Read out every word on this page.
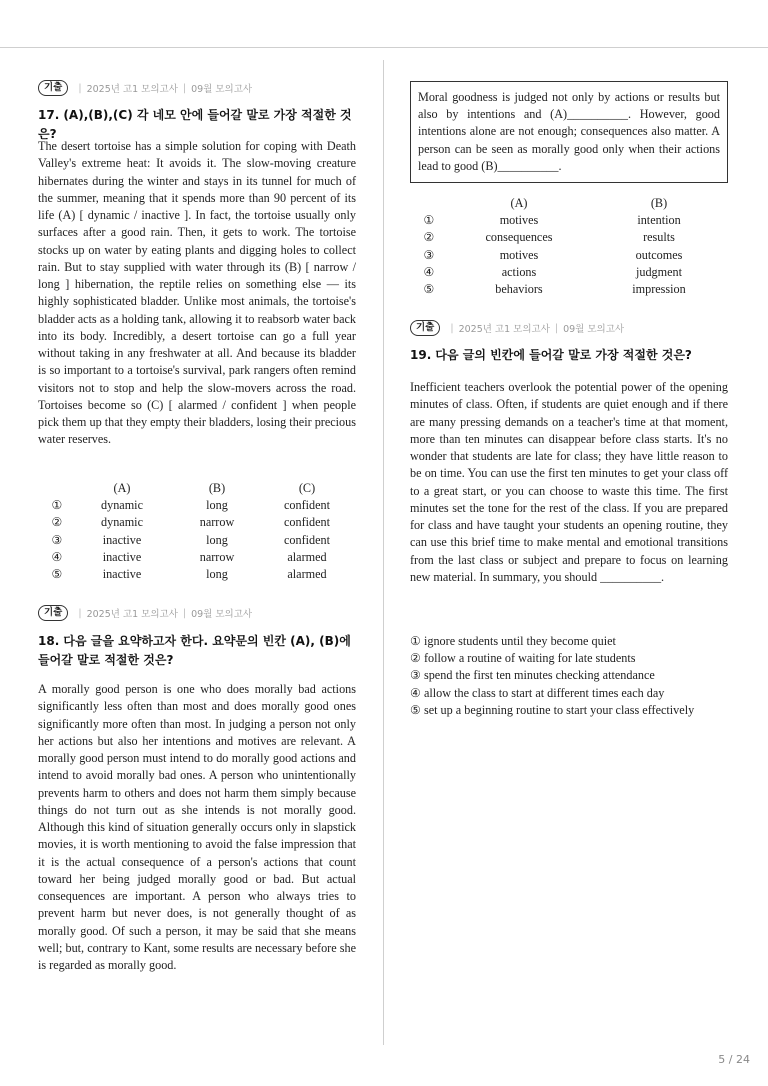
기출	| 2025년 고1 모의고사 | 09월 모의고사
17. (A),(B),(C) 각 네모 안에 들어갈 말로 가장 적절한 것은?
The desert tortoise has a simple solution for coping with Death Valley's extreme heat: It avoids it. The slow-moving creature hibernates during the winter and stays in its tunnel for much of the summer, meaning that it spends more than 90 percent of its life (A) [ dynamic / inactive ]. In fact, the tortoise usually only surfaces after a good rain. Then, it gets to work. The tortoise stocks up on water by eating plants and digging holes to collect rain. But to stay supplied with water through its (B) [ narrow / long ] hibernation, the reptile relies on something else — its highly sophisticated bladder. Unlike most animals, the tortoise's bladder acts as a holding tank, allowing it to reabsorb water back into its body. Incredibly, a desert tortoise can go a full year without taking in any freshwater at all. And because its bladder is so important to a tortoise's survival, park rangers often remind visitors not to stop and help the slow-movers across the road. Tortoises become so (C) [ alarmed / confident ] when people pick them up that they empty their bladders, losing their precious water reserves.
	(A)	(B)	(C)
①	dynamic	long	confident
②	dynamic	narrow	confident
③	inactive	long	confident
④	inactive	narrow	alarmed
⑤	inactive	long	alarmed
기출	| 2025년 고1 모의고사 | 09월 모의고사
18. 다음 글을 요약하고자 한다. 요약문의 빈칸 (A), (B)에 들어갈 말로 적절한 것은?
A morally good person is one who does morally bad actions significantly less often than most and does morally good ones significantly more often than most. In judging a person not only her actions but also her intentions and motives are relevant. A morally good person must intend to do morally good actions and intend to avoid morally bad ones. A person who unintentionally prevents harm to others and does not harm them simply because things do not turn out as she intends is not morally good. Although this kind of situation generally occurs only in slapstick movies, it is worth mentioning to avoid the false impression that it is the actual consequence of a person's actions that count toward her being judged morally good or bad. But actual consequences are important. A person who always tries to prevent harm but never does, is not generally thought of as morally good. Of such a person, it may be said that she means well; but, contrary to Kant, some results are necessary before she is regarded as morally good.
Moral goodness is judged not only by actions or results but also by intentions and (A)__________. However, good intentions alone are not enough; consequences also matter. A person can be seen as morally good only when their actions lead to good (B)__________.
	(A)	(B)
①	motives	intention
②	consequences	results
③	motives	outcomes
④	actions	judgment
⑤	behaviors	impression
기출	| 2025년 고1 모의고사 | 09월 모의고사
19. 다음 글의 빈칸에 들어갈 말로 가장 적절한 것은?
Inefficient teachers overlook the potential power of the opening minutes of class. Often, if students are quiet enough and if there are many pressing demands on a teacher's time at that moment, more than ten minutes can disappear before class starts. It's no wonder that students are late for class; they have little reason to be on time. You can use the first ten minutes to get your class off to a great start, or you can choose to waste this time. The first minutes set the tone for the rest of the class. If you are prepared for class and have taught your students an opening routine, they can use this brief time to make mental and emotional transitions from the last class or subject and prepare to focus on learning new material. In summary, you should __________.
① ignore students until they become quiet
② follow a routine of waiting for late students
③ spend the first ten minutes checking attendance
④ allow the class to start at different times each day
⑤ set up a beginning routine to start your class effectively
5 / 24
